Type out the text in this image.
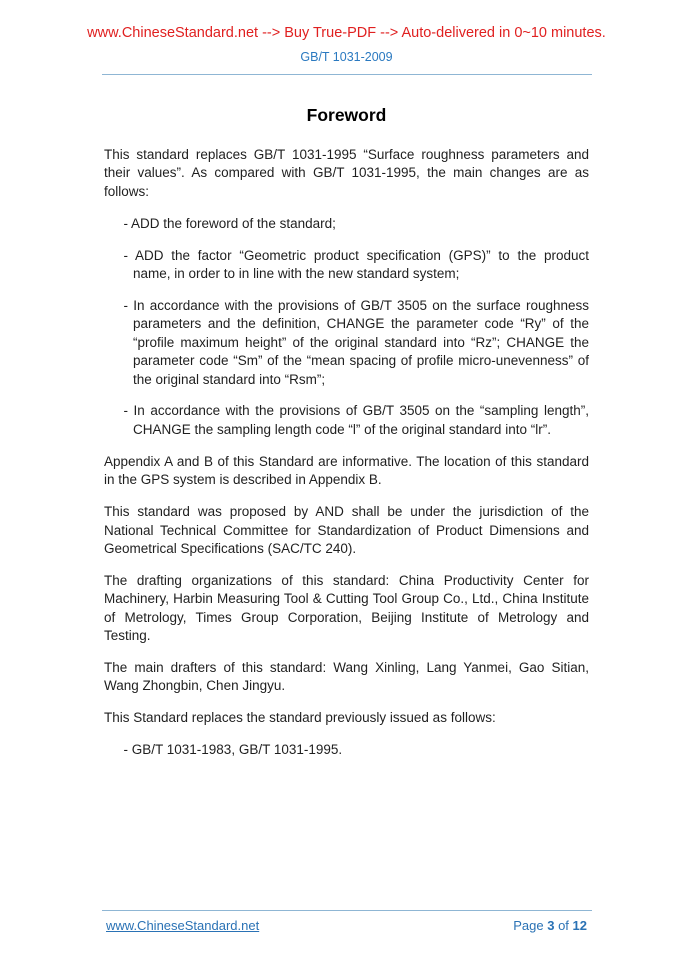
www.ChineseStandard.net --> Buy True-PDF --> Auto-delivered in 0~10 minutes.
GB/T 1031-2009
Foreword

This standard replaces GB/T 1031-1995 “Surface roughness parameters and their values”. As compared with GB/T 1031-1995, the main changes are as follows:

- ADD the foreword of the standard;

- ADD the factor “Geometric product specification (GPS)” to the product name, in order to in line with the new standard system;

- In accordance with the provisions of GB/T 3505 on the surface roughness parameters and the definition, CHANGE the parameter code “Ry” of the “profile maximum height” of the original standard into “Rz”; CHANGE the parameter code “Sm” of the “mean spacing of profile micro-unevenness” of the original standard into “Rsm”;

- In accordance with the provisions of GB/T 3505 on the “sampling length”, CHANGE the sampling length code “l” of the original standard into “lr”.

Appendix A and B of this Standard are informative. The location of this standard in the GPS system is described in Appendix B.

This standard was proposed by AND shall be under the jurisdiction of the National Technical Committee for Standardization of Product Dimensions and Geometrical Specifications (SAC/TC 240).

The drafting organizations of this standard: China Productivity Center for Machinery, Harbin Measuring Tool & Cutting Tool Group Co., Ltd., China Institute of Metrology, Times Group Corporation, Beijing Institute of Metrology and Testing.

The main drafters of this standard: Wang Xinling, Lang Yanmei, Gao Sitian, Wang Zhongbin, Chen Jingyu.

This Standard replaces the standard previously issued as follows:

- GB/T 1031-1983, GB/T 1031-1995.

www.ChineseStandard.net	Page 3 of 12
